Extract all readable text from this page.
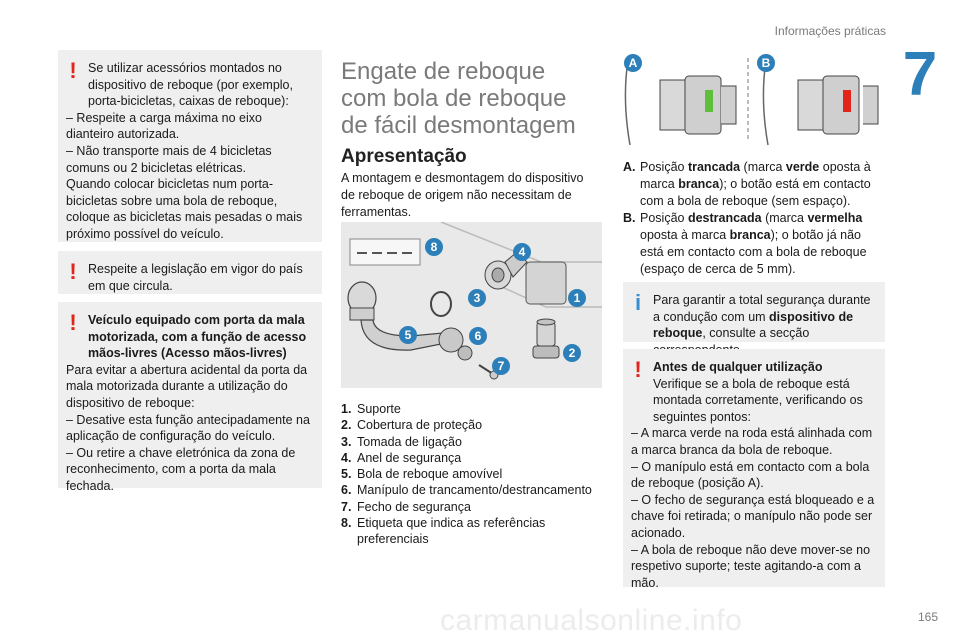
Informações práticas
7
165
carmanualsonline.info
! Se utilizar acessórios montados no dispositivo de reboque (por exemplo, porta-bicicletas, caixas de reboque):

– Respeite a carga máxima no eixo dianteiro autorizada.

– Não transporte mais de 4 bicicletas comuns ou 2 bicicletas elétricas.

Quando colocar bicicletas num porta-bicicletas sobre uma bola de reboque, coloque as bicicletas mais pesadas o mais próximo possível do veículo.

! Respeite a legislação em vigor do país em que circula.

! Veículo equipado com porta da mala motorizada, com a função de acesso mãos-livres (Acesso mãos-livres)

Para evitar a abertura acidental da porta da mala motorizada durante a utilização do dispositivo de reboque:

– Desative esta função antecipadamente na aplicação de configuração do veículo.

– Ou retire a chave eletrónica da zona de reconhecimento, com a porta da mala fechada.

Engate de reboque com bola de reboque de fácil desmontagem
Apresentação
A montagem e desmontagem do dispositivo de reboque de origem não necessitam de ferramentas.
8	4
3	1
5	6
2
7
1. Suporte
2. Cobertura de proteção
3. Tomada de ligação
4. Anel de segurança
5. Bola de reboque amovível
6. Manípulo de trancamento/destrancamento
7. Fecho de segurança
8. Etiqueta que indica as referências preferenciais
A	B
A. Posição trancada (marca verde oposta à marca branca); o botão está em contacto com a bola de reboque (sem espaço).
B. Posição destrancada (marca vermelha oposta à marca branca); o botão já não está em contacto com a bola de reboque (espaço de cerca de 5 mm).
i Para garantir a total segurança durante a condução com um dispositivo de reboque, consulte a secção

! Antes de qualquer utilização

Verifique se a bola de reboque está montada corretamente, verificando os seguintes pontos:

– A marca verde na roda está alinhada com a marca branca da bola de reboque.

– O manípulo está em contacto com a bola de reboque (posição A).

– O fecho de segurança está bloqueado e a chave foi retirada; o manípulo não pode ser acionado.

– A bola de reboque não deve mover-se no respetivo suporte; teste agitando-a com a mão.
